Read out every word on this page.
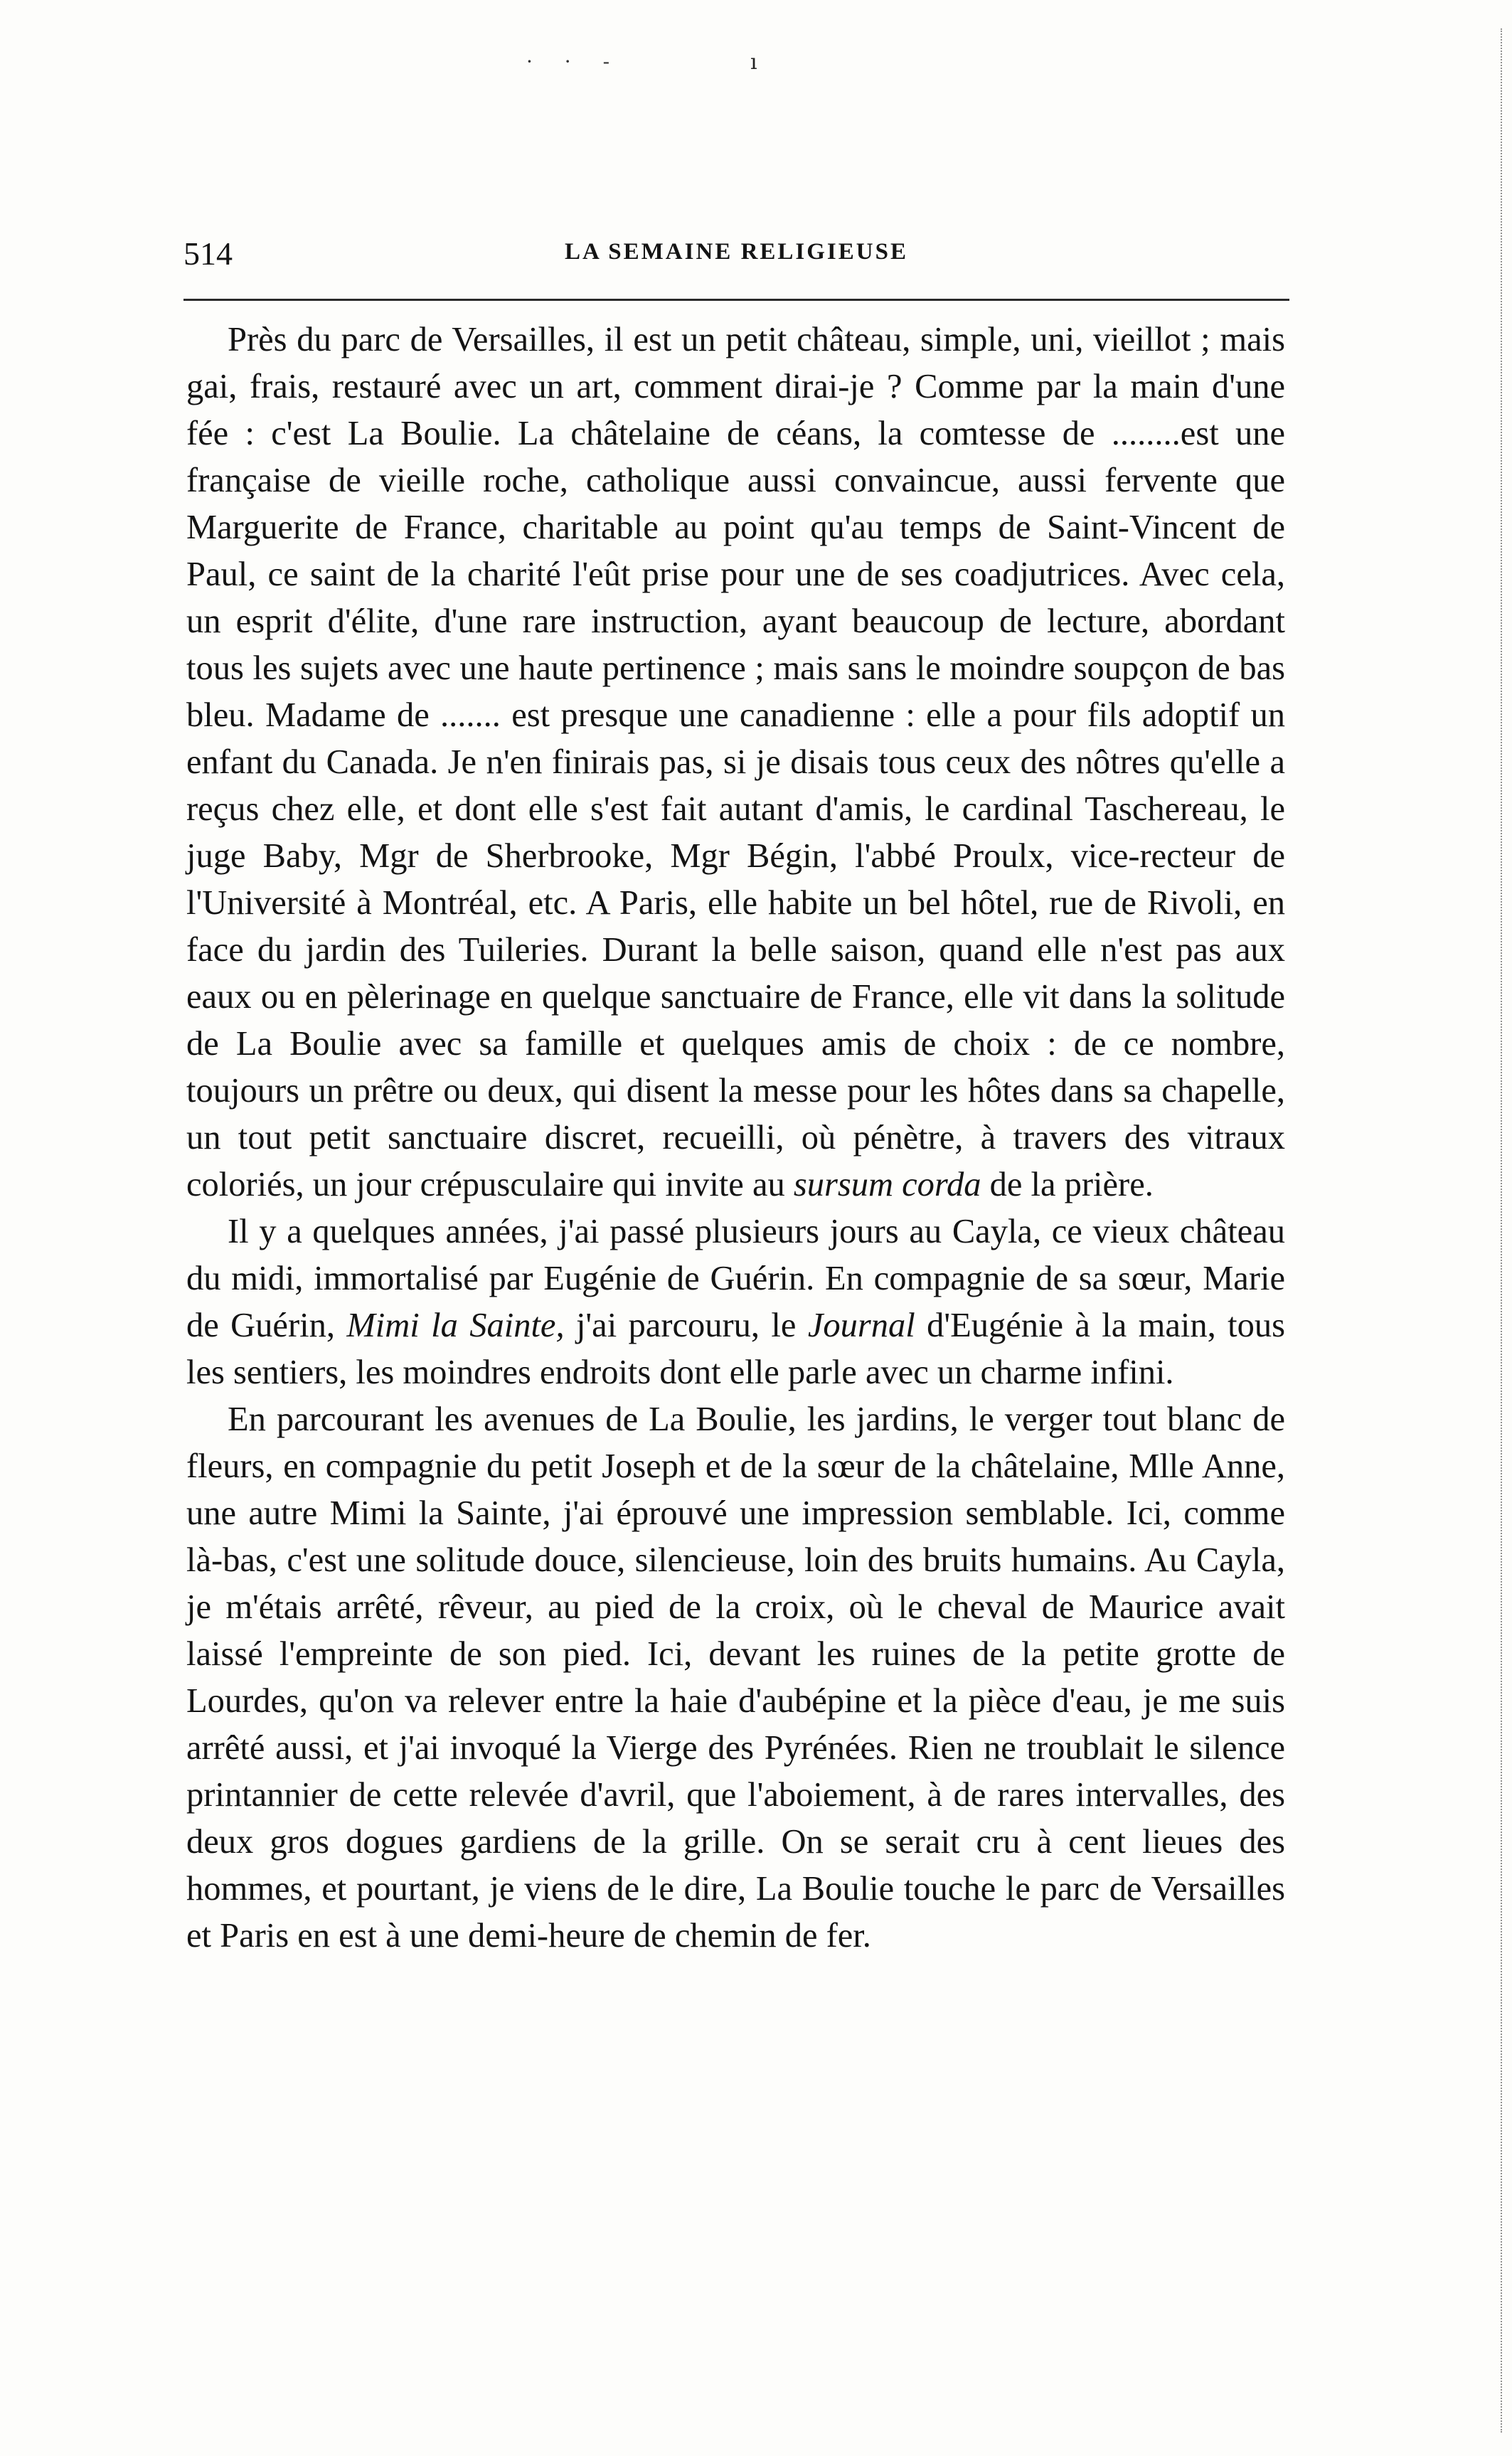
· · -	ı
514	LA SEMAINE RELIGIEUSE

Près du parc de Versailles, il est un petit château, simple, uni, vieillot ; mais gai, frais, restauré avec un art, comment dirai-je ? Comme par la main d'une fée : c'est La Boulie. La châtelaine de céans, la comtesse de ........est une française de vieille roche, catholique aussi convaincue, aussi fervente que Marguerite de France, charitable au point qu'au temps de Saint-Vincent de Paul, ce saint de la charité l'eût prise pour une de ses coadjutrices. Avec cela, un esprit d'élite, d'une rare instruction, ayant beaucoup de lecture, abordant tous les sujets avec une haute pertinence ; mais sans le moindre soupçon de bas bleu. Madame de ....... est presque une canadienne : elle a pour fils adoptif un enfant du Canada. Je n'en finirais pas, si je disais tous ceux des nôtres qu'elle a reçus chez elle, et dont elle s'est fait autant d'amis, le cardinal Taschereau, le juge Baby, Mgr de Sherbrooke, Mgr Bégin, l'abbé Proulx, vice-recteur de l'Université à Montréal, etc. A Paris, elle habite un bel hôtel, rue de Rivoli, en face du jardin des Tuileries. Durant la belle saison, quand elle n'est pas aux eaux ou en pèlerinage en quelque sanctuaire de France, elle vit dans la solitude de La Boulie avec sa famille et quelques amis de choix : de ce nombre, toujours un prêtre ou deux, qui disent la messe pour les hôtes dans sa chapelle, un tout petit sanctuaire discret, recueilli, où pénètre, à travers des vitraux coloriés, un jour crépusculaire qui invite au sursum corda de la prière.

Il y a quelques années, j'ai passé plusieurs jours au Cayla, ce vieux château du midi, immortalisé par Eugénie de Guérin. En compagnie de sa sœur, Marie de Guérin, Mimi la Sainte, j'ai parcouru, le Journal d'Eugénie à la main, tous les sentiers, les moindres endroits dont elle parle avec un charme infini.

En parcourant les avenues de La Boulie, les jardins, le verger tout blanc de fleurs, en compagnie du petit Joseph et de la sœur de la châtelaine, Mlle Anne, une autre Mimi la Sainte, j'ai éprouvé une impression semblable. Ici, comme là-bas, c'est une solitude douce, silencieuse, loin des bruits humains. Au Cayla, je m'étais arrêté, rêveur, au pied de la croix, où le cheval de Maurice avait laissé l'empreinte de son pied. Ici, devant les ruines de la petite grotte de Lourdes, qu'on va relever entre la haie d'aubépine et la pièce d'eau, je me suis arrêté aussi, et j'ai invoqué la Vierge des Pyrénées. Rien ne troublait le silence printannier de cette relevée d'avril, que l'aboiement, à de rares intervalles, des deux gros dogues gardiens de la grille. On se serait cru à cent lieues des hommes, et pourtant, je viens de le dire, La Boulie touche le parc de Versailles et Paris en est à une demi-heure de chemin de fer.
